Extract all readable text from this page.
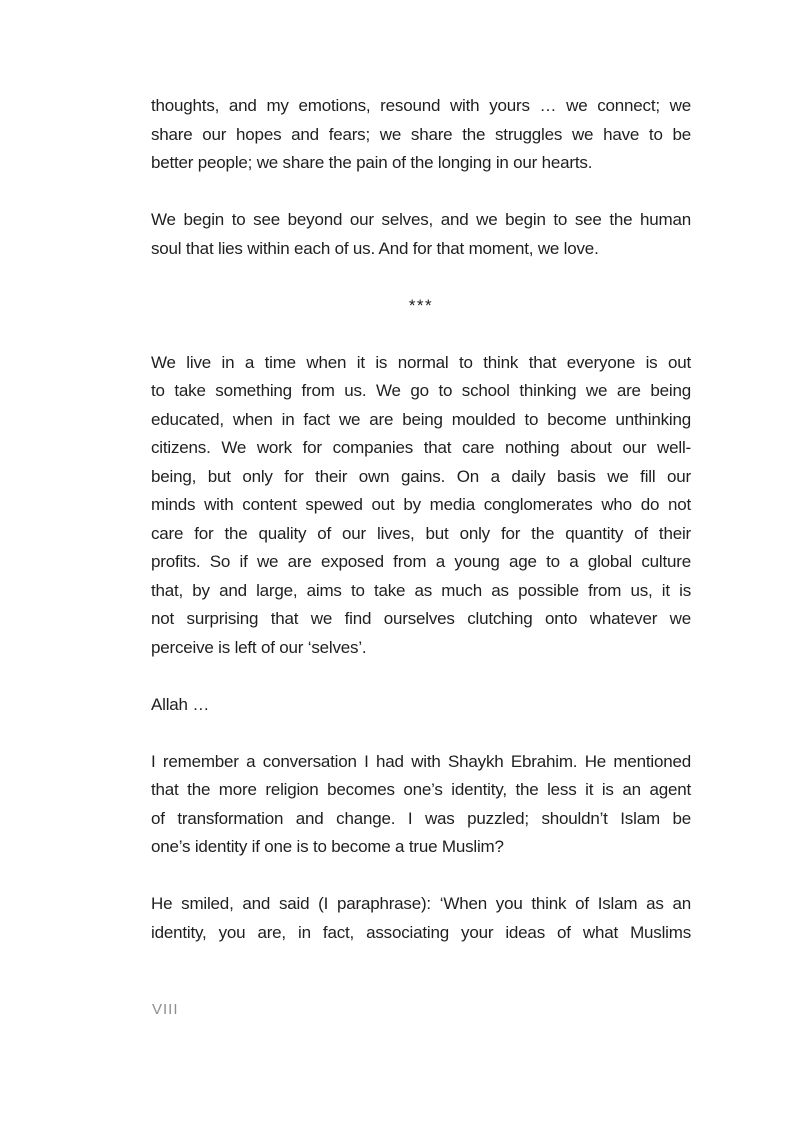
thoughts, and my emotions, resound with yours … we connect; we
share our hopes and fears; we share the struggles we have to be
better people; we share the pain of the longing in our hearts.
We begin to see beyond our selves, and we begin to see the human
soul that lies within each of us. And for that moment, we love.
***
We live in a time when it is normal to think that everyone is out
to take something from us. We go to school thinking we are being
educated, when in fact we are being moulded to become unthinking
citizens. We work for companies that care nothing about our well-
being, but only for their own gains. On a daily basis we fill our
minds with content spewed out by media conglomerates who do not
care for the quality of our lives, but only for the quantity of their
profits. So if we are exposed from a young age to a global culture
that, by and large, aims to take as much as possible from us, it is
not surprising that we find ourselves clutching onto whatever we
perceive is left of our ‘selves’.
Allah …
I remember a conversation I had with Shaykh Ebrahim. He mentioned
that the more religion becomes one’s identity, the less it is an agent
of transformation and change. I was puzzled; shouldn’t Islam be
one’s identity if one is to become a true Muslim?
He smiled, and said (I paraphrase): ‘When you think of Islam as an
identity, you are, in fact, associating your ideas of what Muslims
VIII
